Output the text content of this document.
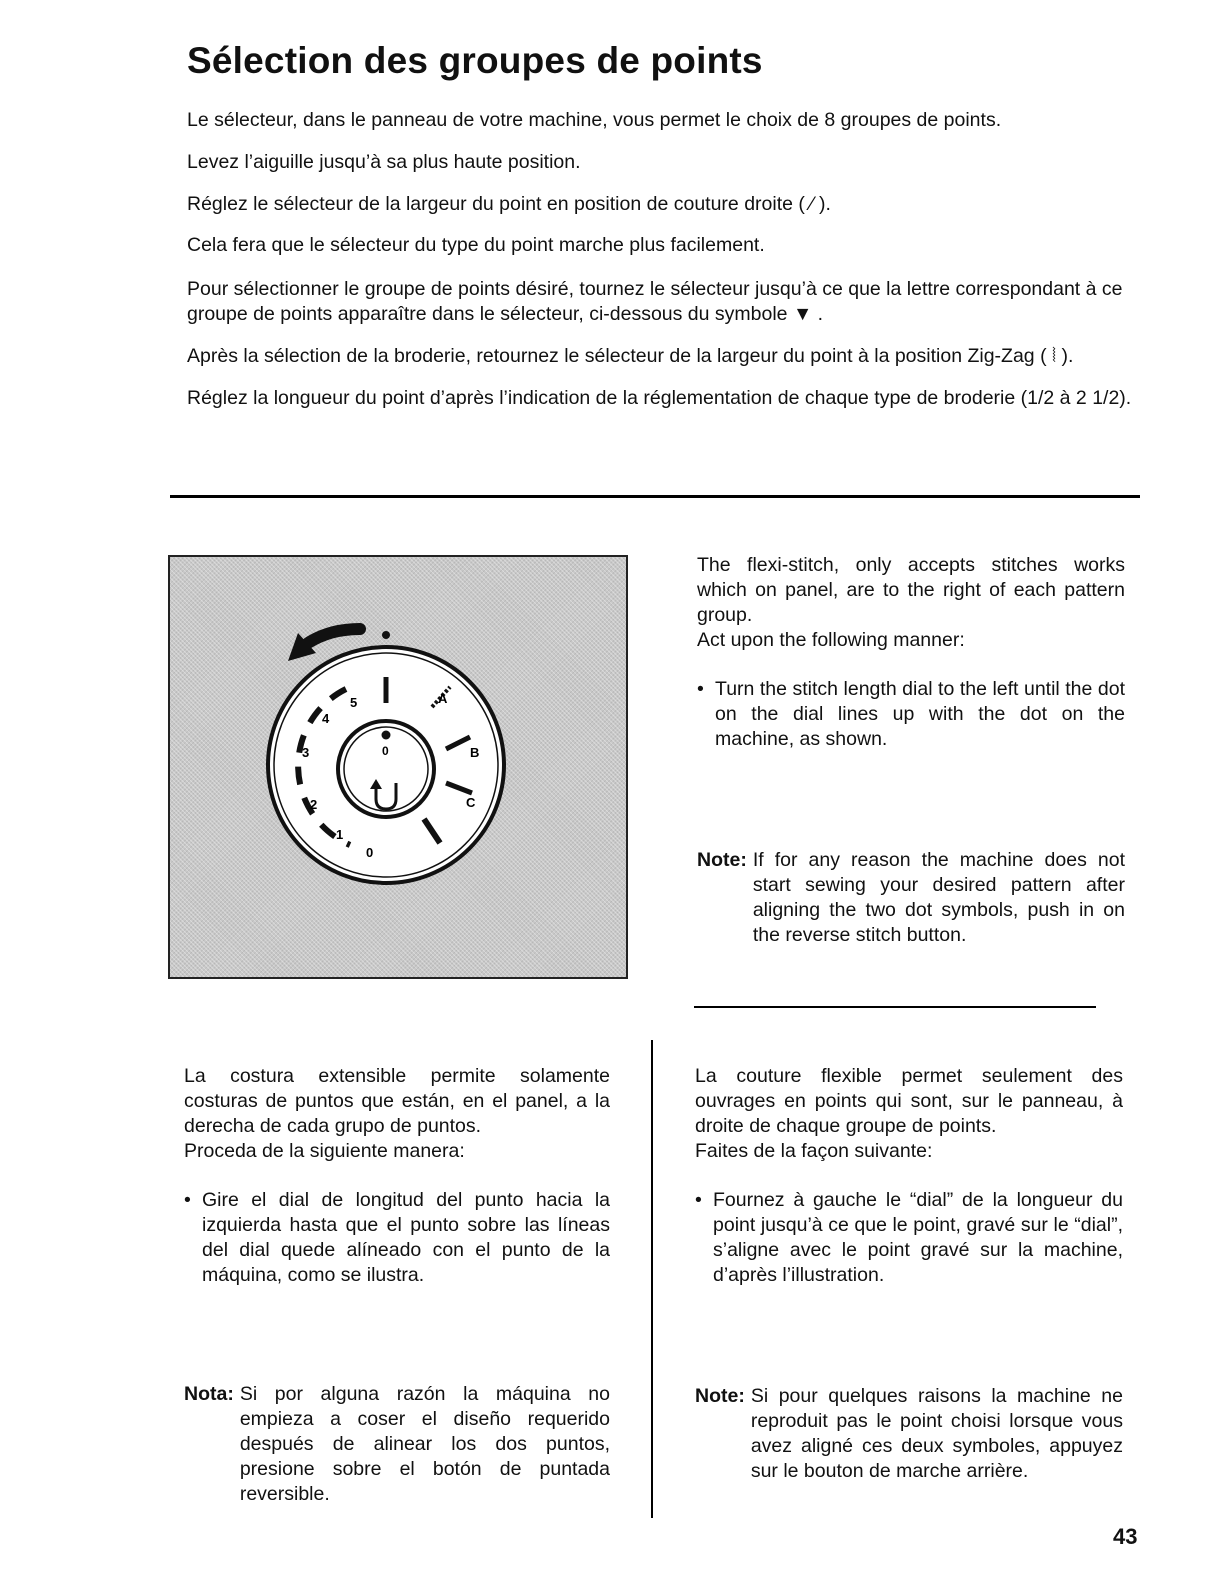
Sélection des groupes de points

Le sélecteur, dans le panneau de votre machine, vous permet le choix de 8 groupes de points.

Levez l’aiguille jusqu’à sa plus haute position.

Réglez le sélecteur de la largeur du point en position de couture droite ( ⁄ ).

Cela fera que le sélecteur du type du point marche plus facilement.

Pour sélectionner le groupe de points désiré, tournez le sélecteur jusqu’à ce que la lettre correspondant à ce groupe de points apparaître dans le sélecteur, ci-dessous du symbole ▼ .

Après la sélection de la broderie, retournez le sélecteur de la largeur du point à la position Zig-Zag ( ⦚ ).

Réglez la longueur du point d’après l’indication de la réglementation de chaque type de broderie (1/2 à 2 1/2).

5
4
3
2
1
0
A
B
C
0

The flexi-stitch, only accepts stitches works which on panel, are to the right of each pattern group.

Act upon the following manner:

• Turn the stitch length dial to the left until the dot on the dial lines up with the dot on the machine, as shown.
Note: If for any reason the machine does not start sewing your desired pattern after aligning the two dot symbols, push in on the reverse stitch button.

La costura extensible permite solamente costuras de puntos que están, en el panel, a la derecha de cada grupo de puntos.

Proceda de la siguiente manera:

• Gire el dial de longitud del punto hacia la izquierda hasta que el punto sobre las líneas del dial quede alíneado con el punto de la máquina, como se ilustra.
Nota: Si por alguna razón la máquina no empieza a coser el diseño requerido después de alinear los dos puntos, presione sobre el botón de puntada reversible.

La couture flexible permet seulement des ouvrages en points qui sont, sur le panneau, à droite de chaque groupe de points.

Faites de la façon suivante:

• Fournez à gauche le “dial” de la longueur du point jusqu’à ce que le point, gravé sur le “dial”, s’aligne avec le point gravé sur la machine, d’après l’illustration.
Note: Si pour quelques raisons la machine ne reproduit pas le point choisi lorsque vous avez aligné ces deux symboles, appuyez sur le bouton de marche arrière.
43
